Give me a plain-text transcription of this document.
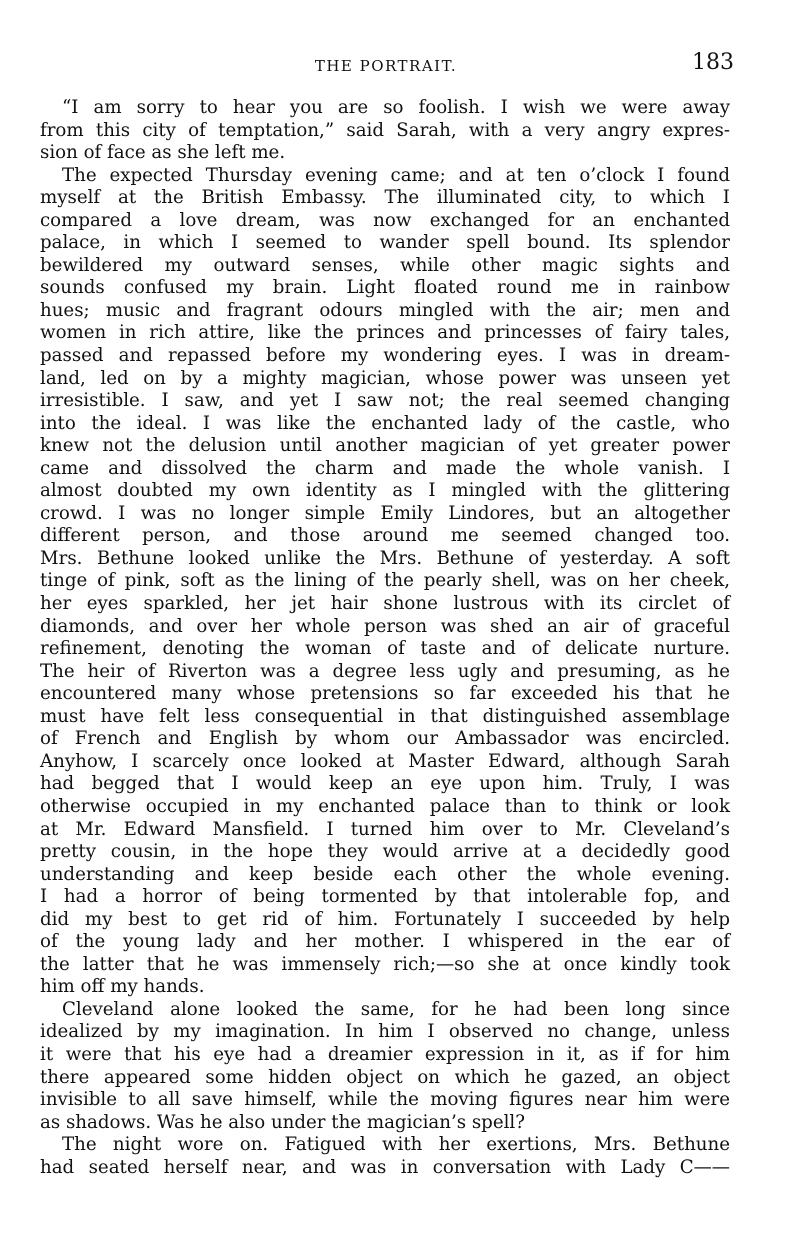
THE PORTRAIT.	183
“I am sorry to hear you are so foolish. I wish we were away
from this city of temptation,” said Sarah, with a very angry expres-
sion of face as she left me.
The expected Thursday evening came; and at ten o’clock I found
myself at the British Embassy. The illuminated city, to which I
compared a love dream, was now exchanged for an enchanted
palace, in which I seemed to wander spell bound. Its splendor
bewildered my outward senses, while other magic sights and
sounds confused my brain. Light floated round me in rainbow
hues; music and fragrant odours mingled with the air; men and
women in rich attire, like the princes and princesses of fairy tales,
passed and repassed before my wondering eyes. I was in dream-
land, led on by a mighty magician, whose power was unseen yet
irresistible. I saw, and yet I saw not; the real seemed changing
into the ideal. I was like the enchanted lady of the castle, who
knew not the delusion until another magician of yet greater power
came and dissolved the charm and made the whole vanish. I
almost doubted my own identity as I mingled with the glittering
crowd. I was no longer simple Emily Lindores, but an altogether
different person, and those around me seemed changed too.
Mrs. Bethune looked unlike the Mrs. Bethune of yesterday. A soft
tinge of pink, soft as the lining of the pearly shell, was on her cheek,
her eyes sparkled, her jet hair shone lustrous with its circlet of
diamonds, and over her whole person was shed an air of graceful
refinement, denoting the woman of taste and of delicate nurture.
The heir of Riverton was a degree less ugly and presuming, as he
encountered many whose pretensions so far exceeded his that he
must have felt less consequential in that distinguished assemblage
of French and English by whom our Ambassador was encircled.
Anyhow, I scarcely once looked at Master Edward, although Sarah
had begged that I would keep an eye upon him. Truly, I was
otherwise occupied in my enchanted palace than to think or look
at Mr. Edward Mansfield. I turned him over to Mr. Cleveland’s
pretty cousin, in the hope they would arrive at a decidedly good
understanding and keep beside each other the whole evening.
I had a horror of being tormented by that intolerable fop, and
did my best to get rid of him. Fortunately I succeeded by help
of the young lady and her mother. I whispered in the ear of
the latter that he was immensely rich;—so she at once kindly took
him off my hands.
Cleveland alone looked the same, for he had been long since
idealized by my imagination. In him I observed no change, unless
it were that his eye had a dreamier expression in it, as if for him
there appeared some hidden object on which he gazed, an object
invisible to all save himself, while the moving figures near him were
as shadows. Was he also under the magician’s spell?
The night wore on. Fatigued with her exertions, Mrs. Bethune
had seated herself near, and was in conversation with Lady C——
